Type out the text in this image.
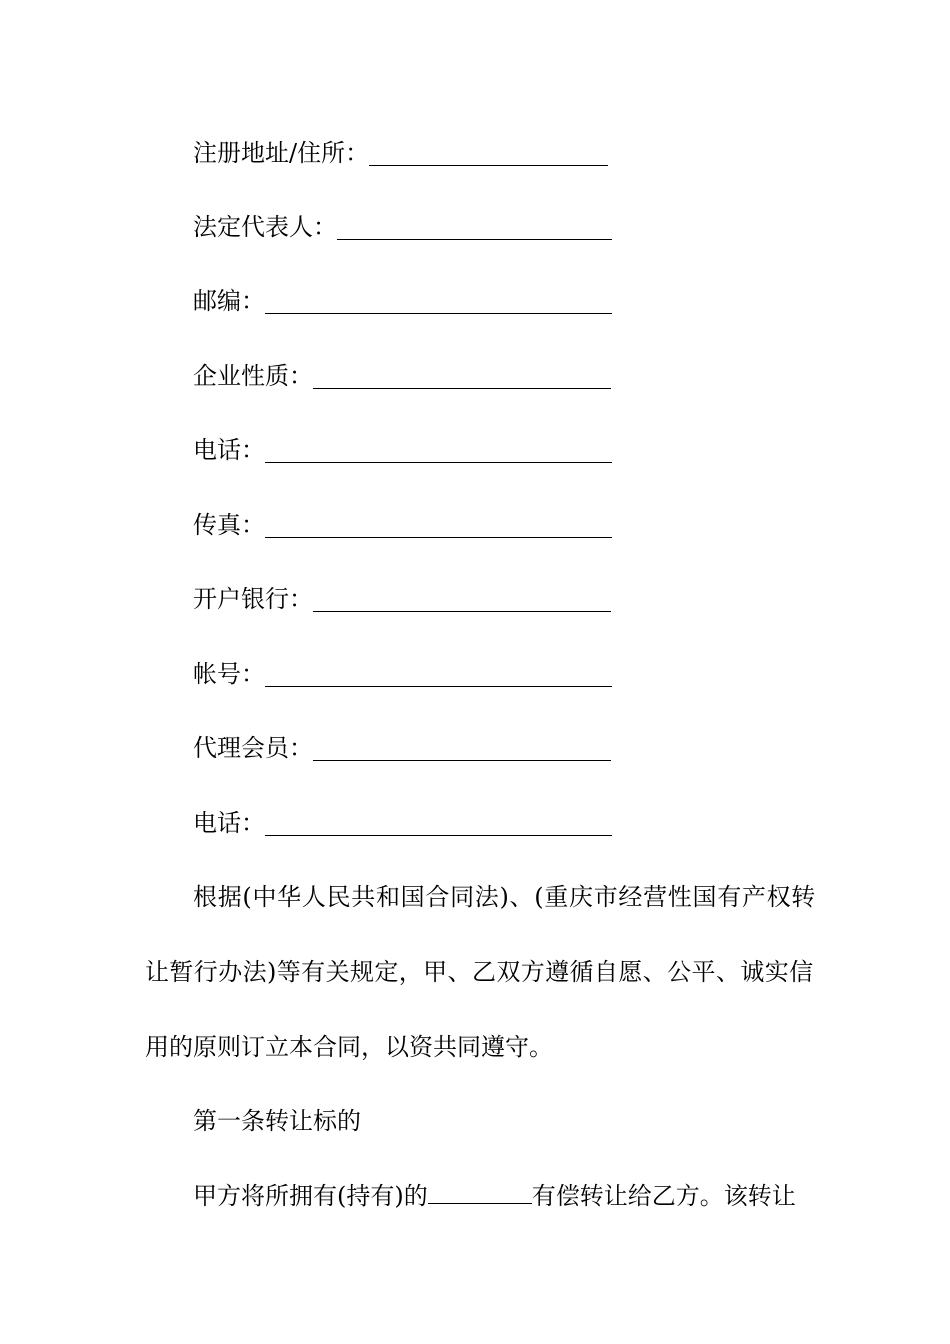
注册地址/住所：
法定代表人：
邮编：
企业性质：
电话：
传真：
开户银行：
帐号：
代理会员：
电话：
根据(中华人民共和国合同法)、(重庆市经营性国有产权转
让暂行办法)等有关规定，甲、乙双方遵循自愿、公平、诚实信
用的原则订立本合同，以资共同遵守。
第一条转让标的
甲方将所拥有(持有)的	有偿转让给乙方。该转让
